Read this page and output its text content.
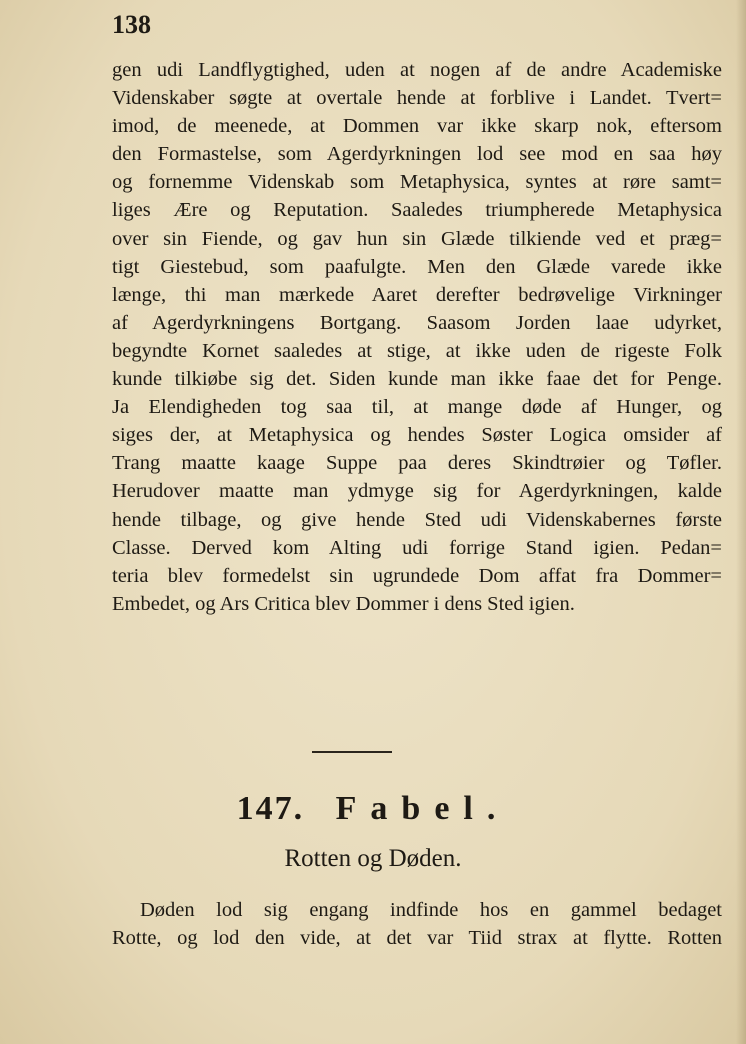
138
gen udi Landflygtighed, uden at nogen af de andre Academiske
Videnskaber søgte at overtale hende at forblive i Landet. Tvert=
imod, de meenede, at Dommen var ikke skarp nok, eftersom
den Formastelse, som Agerdyrkningen lod see mod en saa høy
og fornemme Videnskab som Metaphysica, syntes at røre samt=
liges Ære og Reputation. Saaledes triumpherede Metaphysica
over sin Fiende, og gav hun sin Glæde tilkiende ved et præg=
tigt Giestebud, som paafulgte. Men den Glæde varede ikke
længe, thi man mærkede Aaret derefter bedrøvelige Virkninger
af Agerdyrkningens Bortgang. Saasom Jorden laae udyrket,
begyndte Kornet saaledes at stige, at ikke uden de rigeste Folk
kunde tilkiøbe sig det. Siden kunde man ikke faae det for Penge.
Ja Elendigheden tog saa til, at mange døde af Hunger, og
siges der, at Metaphysica og hendes Søster Logica omsider af
Trang maatte kaage Suppe paa deres Skindtrøier og Tøfler.
Herudover maatte man ydmyge sig for Agerdyrkningen, kalde
hende tilbage, og give hende Sted udi Videnskabernes første
Classe. Derved kom Alting udi forrige Stand igien. Pedan=
teria blev formedelst sin ugrundede Dom affat fra Dommer=
Embedet, og Ars Critica blev Dommer i dens Sted igien.
147. Fabel.
Rotten og Døden.
Døden lod sig engang indfinde hos en gammel bedaget
Rotte, og lod den vide, at det var Tiid strax at flytte. Rotten
